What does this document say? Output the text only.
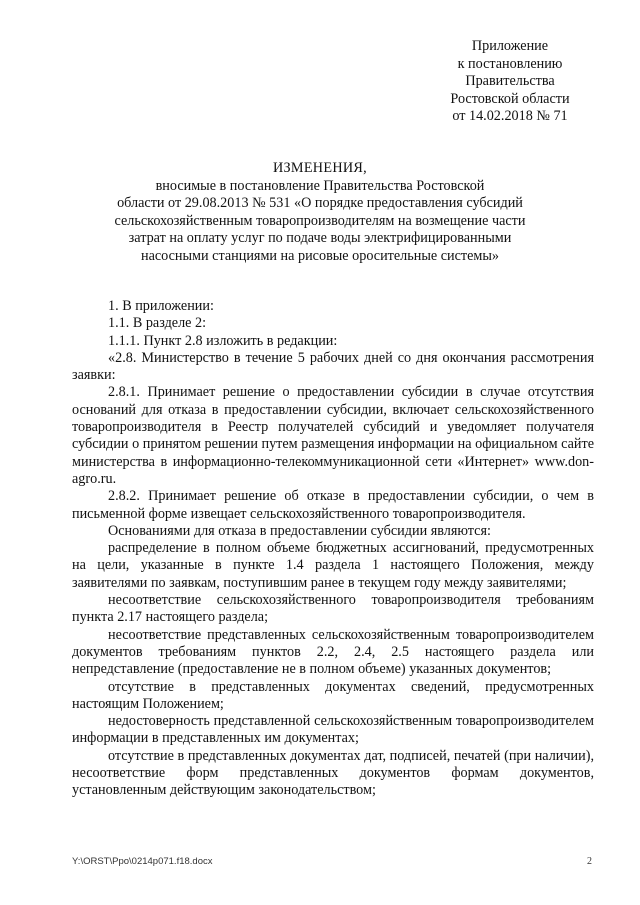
Приложение
к постановлению
Правительства
Ростовской области
от 14.02.2018 № 71
ИЗМЕНЕНИЯ,
вносимые в постановление Правительства Ростовской
области от 29.08.2013 № 531 «О порядке предоставления субсидий
сельскохозяйственным товаропроизводителям на возмещение части
затрат на оплату услуг по подаче воды электрифицированными
насосными станциями на рисовые оросительные системы»

1. В приложении:

1.1. В разделе 2:

1.1.1. Пункт 2.8 изложить в редакции:

«2.8. Министерство в течение 5 рабочих дней со дня окончания рассмотрения заявки:

2.8.1. Принимает решение о предоставлении субсидии в случае отсутствия оснований для отказа в предоставлении субсидии, включает сельскохозяйственного товаропроизводителя в Реестр получателей субсидий и уведомляет получателя субсидии о принятом решении путем размещения информации на официальном сайте министерства в информационно-телекоммуникационной сети «Интернет» www.don-agro.ru.

2.8.2. Принимает решение об отказе в предоставлении субсидии, о чем в письменной форме извещает сельскохозяйственного товаропроизводителя.

Основаниями для отказа в предоставлении субсидии являются:

распределение в полном объеме бюджетных ассигнований, предусмотренных на цели, указанные в пункте 1.4 раздела 1 настоящего Положения, между заявителями по заявкам, поступившим ранее в текущем году между заявителями;

несоответствие сельскохозяйственного товаропроизводителя требованиям пункта 2.17 настоящего раздела;

несоответствие представленных сельскохозяйственным товаропроизводителем документов требованиям пунктов 2.2, 2.4, 2.5 настоящего раздела или непредставление (предоставление не в полном объеме) указанных документов;

отсутствие в представленных документах сведений, предусмотренных настоящим Положением;

недостоверность представленной сельскохозяйственным товаропроизводителем информации в представленных им документах;

отсутствие в представленных документах дат, подписей, печатей (при наличии), несоответствие форм представленных документов формам документов, установленным действующим законодательством;

Y:\ORST\Ppo\0214p071.f18.docx	2
